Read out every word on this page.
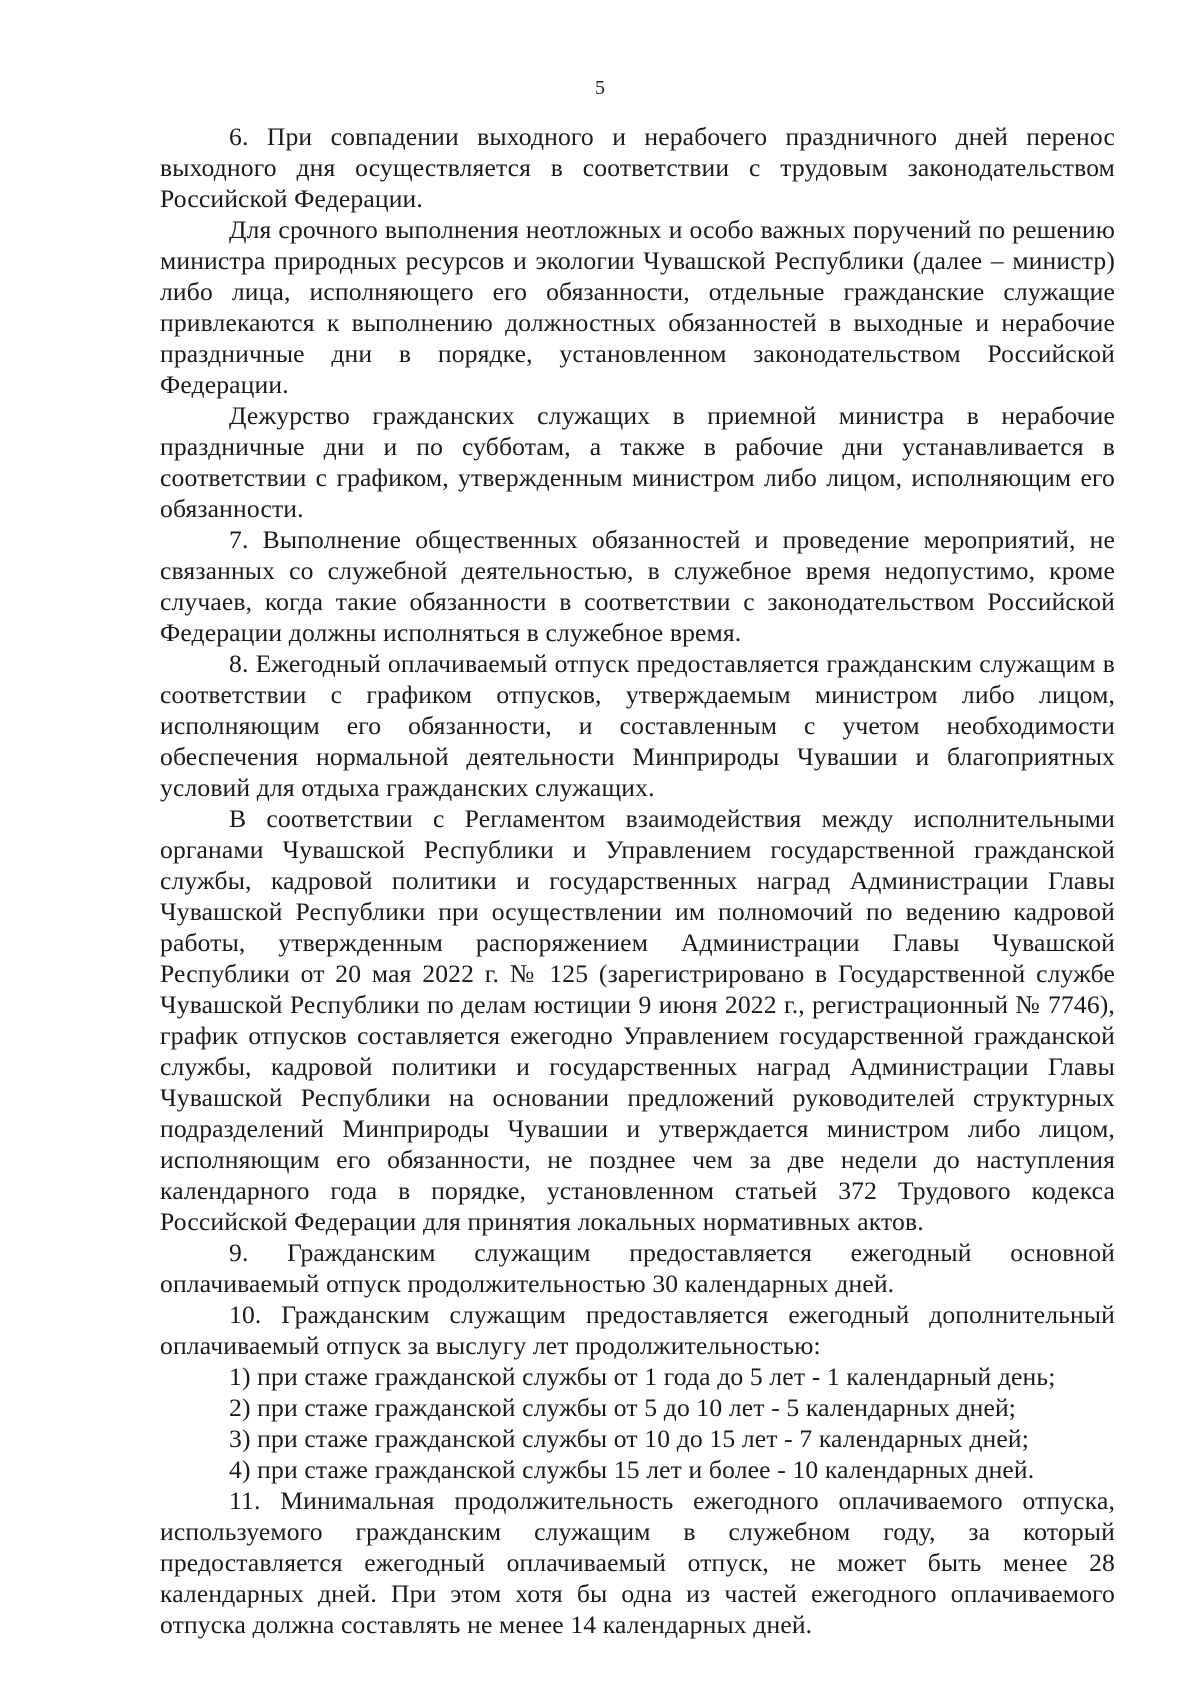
5

6. При совпадении выходного и нерабочего праздничного дней перенос выходного дня осуществляется в соответствии с трудовым законодательством Российской Федерации.

Для срочного выполнения неотложных и особо важных поручений по решению министра природных ресурсов и экологии Чувашской Республики (далее – министр) либо лица, исполняющего его обязанности, отдельные гражданские служащие привлекаются к выполнению должностных обязанностей в выходные и нерабочие праздничные дни в порядке, установленном законодательством Российской Федерации.

Дежурство гражданских служащих в приемной министра в нерабочие праздничные дни и по субботам, а также в рабочие дни устанавливается в соответствии с графиком, утвержденным министром либо лицом, исполняющим его обязанности.

7. Выполнение общественных обязанностей и проведение мероприятий, не связанных со служебной деятельностью, в служебное время недопустимо, кроме случаев, когда такие обязанности в соответствии с законодательством Российской Федерации должны исполняться в служебное время.

8. Ежегодный оплачиваемый отпуск предоставляется гражданским служащим в соответствии с графиком отпусков, утверждаемым министром либо лицом, исполняющим его обязанности, и составленным с учетом необходимости обеспечения нормальной деятельности Минприроды Чувашии и благоприятных условий для отдыха гражданских служащих.

В соответствии с Регламентом взаимодействия между исполнительными органами Чувашской Республики и Управлением государственной гражданской службы, кадровой политики и государственных наград Администрации Главы Чувашской Республики при осуществлении им полномочий по ведению кадровой работы, утвержденным распоряжением Администрации Главы Чувашской Республики от 20 мая 2022 г. № 125 (зарегистрировано в Государственной службе Чувашской Республики по делам юстиции 9 июня 2022 г., регистрационный № 7746), график отпусков составляется ежегодно Управлением государственной гражданской службы, кадровой политики и государственных наград Администрации Главы Чувашской Республики на основании предложений руководителей структурных подразделений Минприроды Чувашии и утверждается министром либо лицом, исполняющим его обязанности, не позднее чем за две недели до наступления календарного года в порядке, установленном статьей 372 Трудового кодекса Российской Федерации для принятия локальных нормативных актов.

9. Гражданским служащим предоставляется ежегодный основной оплачиваемый отпуск продолжительностью 30 календарных дней.

10. Гражданским служащим предоставляется ежегодный дополнительный оплачиваемый отпуск за выслугу лет продолжительностью:

1) при стаже гражданской службы от 1 года до 5 лет - 1 календарный день;

2) при стаже гражданской службы от 5 до 10 лет - 5 календарных дней;

3) при стаже гражданской службы от 10 до 15 лет - 7 календарных дней;

4) при стаже гражданской службы 15 лет и более - 10 календарных дней.

11. Минимальная продолжительность ежегодного оплачиваемого отпуска, используемого гражданским служащим в служебном году, за который предоставляется ежегодный оплачиваемый отпуск, не может быть менее 28 календарных дней. При этом хотя бы одна из частей ежегодного оплачиваемого отпуска должна составлять не менее 14 календарных дней.
